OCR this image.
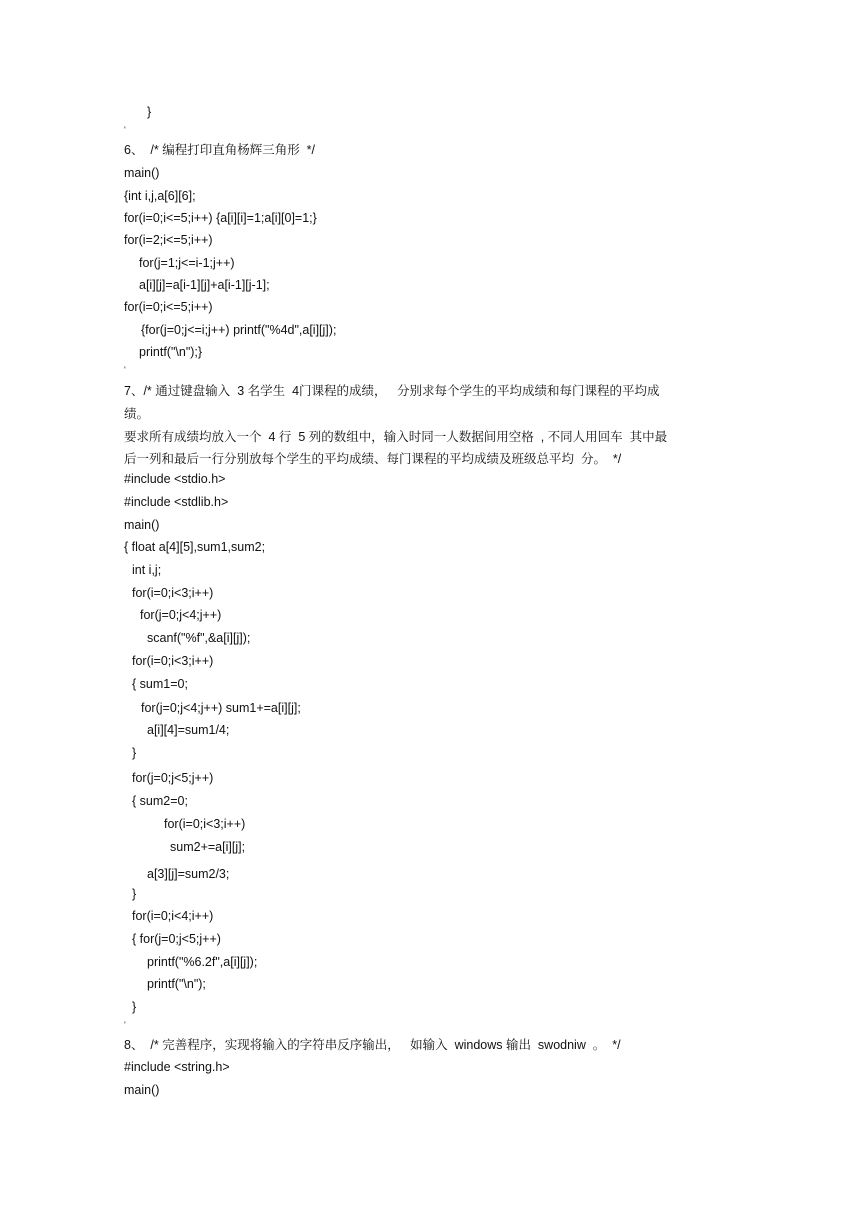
}
'
6、  /* 编程打印直角杨辉三角形  */
main()
{int i,j,a[6][6];
for(i=0;i<=5;i++) {a[i][i]=1;a[i][0]=1;}
for(i=2;i<=5;i++)
for(j=1;j<=i-1;j++)
a[i][j]=a[i-1][j]+a[i-1][j-1];
for(i=0;i<=5;i++)
{for(j=0;j<=i;j++) printf("%4d",a[i][j]);
printf("\n");}
'
7、/* 通过键盘输入  3 名学生  4门课程的成绩，   分别求每个学生的平均成绩和每门课程的平均成
绩。
要求所有成绩均放入一个  4 行  5 列的数组中，输入时同一人数据间用空格  , 不同人用回车  其中最
后一列和最后一行分别放每个学生的平均成绩、每门课程的平均成绩及班级总平均  分。  */
#include <stdio.h>
#include <stdlib.h>
main()
{ float a[4][5],sum1,sum2;
int i,j;
for(i=0;i<3;i++)
for(j=0;j<4;j++)
scanf("%f",&a[i][j]);
for(i=0;i<3;i++)
{ sum1=0;
for(j=0;j<4;j++) sum1+=a[i][j];
a[i][4]=sum1/4;
}
for(j=0;j<5;j++)
{ sum2=0;
for(i=0;i<3;i++)
sum2+=a[i][j];
a[3][j]=sum2/3;
}
for(i=0;i<4;i++)
{ for(j=0;j<5;j++)
printf("%6.2f",a[i][j]);
printf("\n");
}
'
8、  /* 完善程序，实现将输入的字符串反序输出，   如输入  windows 输出  swodniw  。  */
#include <string.h>
main()
